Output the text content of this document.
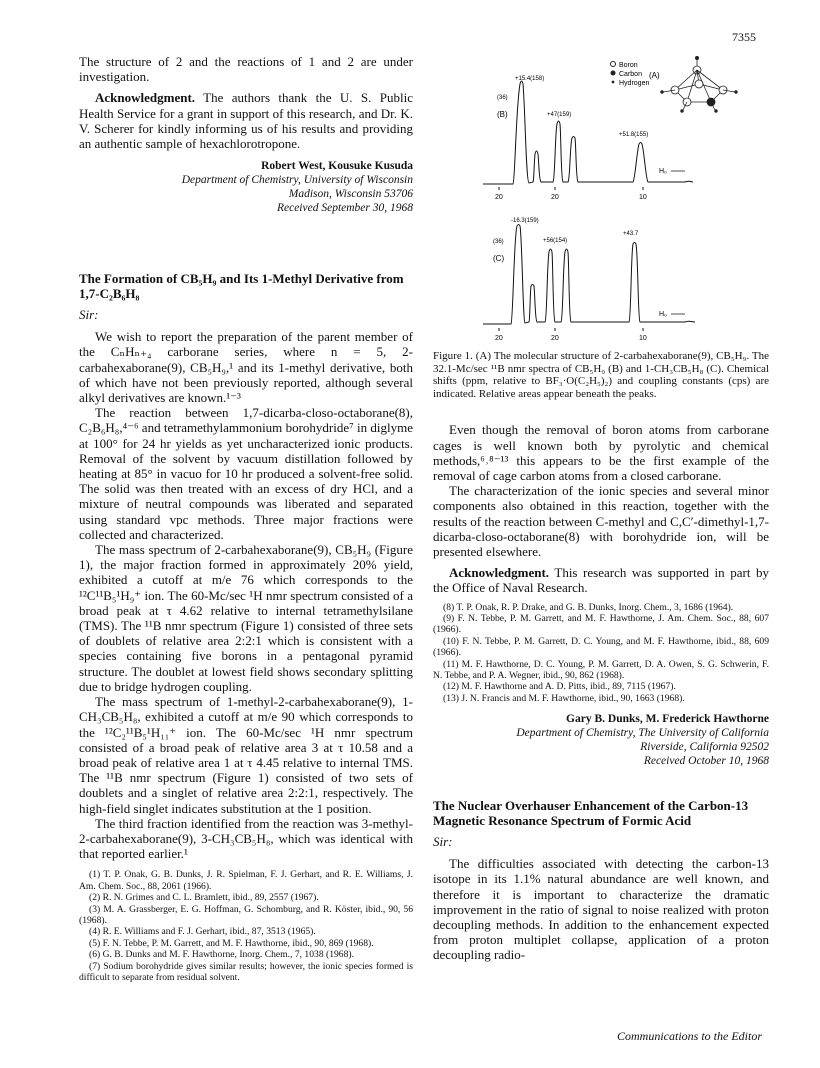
7355

The structure of 2 and the reactions of 1 and 2 are under investigation.

Acknowledgment. The authors thank the U. S. Public Health Service for a grant in support of this research, and Dr. K. V. Scherer for kindly informing us of his results and providing an authentic sample of hexachlorotropone.

Robert West, Kousuke Kusuda
Department of Chemistry, University of Wisconsin
Madison, Wisconsin 53706
Received September 30, 1968
The Formation of CB₅H₉ and Its 1-Methyl Derivative from 1,7-C₂B₆H₈
Sir:

We wish to report the preparation of the parent member of the CₙHₙ₊₄ carborane series, where n = 5, 2-carbahexaborane(9), CB₅H₉,¹ and its 1-methyl derivative, both of which have not been previously reported, although several alkyl derivatives are known.¹⁻³

The reaction between 1,7-dicarba-closo-octaborane(8), C₂B₆H₈,⁴⁻⁶ and tetramethylammonium borohydride⁷ in diglyme at 100° for 24 hr yields as yet uncharacterized ionic products. Removal of the solvent by vacuum distillation followed by heating at 85° in vacuo for 10 hr produced a solvent-free solid. The solid was then treated with an excess of dry HCl, and a mixture of neutral compounds was liberated and separated using standard vpc methods. Three major fractions were collected and characterized.

The mass spectrum of 2-carbahexaborane(9), CB₅H₉ (Figure 1), the major fraction formed in approximately 20% yield, exhibited a cutoff at m/e 76 which corresponds to the ¹²C¹¹B₅¹H₉⁺ ion. The 60-Mc/sec ¹H nmr spectrum consisted of a broad peak at τ 4.62 relative to internal tetramethylsilane (TMS). The ¹¹B nmr spectrum (Figure 1) consisted of three sets of doublets of relative area 2:2:1 which is consistent with a species containing five borons in a pentagonal pyramid structure. The doublet at lowest field shows secondary splitting due to bridge hydrogen coupling.

The mass spectrum of 1-methyl-2-carbahexaborane(9), 1-CH₃CB₅H₈, exhibited a cutoff at m/e 90 which corresponds to the ¹²C₂¹¹B₅¹H₁₁⁺ ion. The 60-Mc/sec ¹H nmr spectrum consisted of a broad peak of relative area 3 at τ 10.58 and a broad peak of relative area 1 at τ 4.45 relative to internal TMS. The ¹¹B nmr spectrum (Figure 1) consisted of two sets of doublets and a singlet of relative area 2:2:1, respectively. The high-field singlet indicates substitution at the 1 position.

The third fraction identified from the reaction was 3-methyl-2-carbahexaborane(9), 3-CH₃CB₅H₈, which was identical with that reported earlier.¹

(1) T. P. Onak, G. B. Dunks, J. R. Spielman, F. J. Gerhart, and R. E. Williams, J. Am. Chem. Soc., 88, 2061 (1966).
(2) R. N. Grimes and C. L. Bramlett, ibid., 89, 2557 (1967).
(3) M. A. Grassberger, E. G. Hoffman, G. Schomburg, and R. Köster, ibid., 90, 56 (1968).
(4) R. E. Williams and F. J. Gerhart, ibid., 87, 3513 (1965).
(5) F. N. Tebbe, P. M. Garrett, and M. F. Hawthorne, ibid., 90, 869 (1968).
(6) G. B. Dunks and M. F. Hawthorne, Inorg. Chem., 7, 1038 (1968).
(7) Sodium borohydride gives similar results; however, the ionic species formed is difficult to separate from residual solvent.
Boron
Carbon
Hydrogen
(A)
+15.4(158)
(36)
(B)	+47(159)
+51.8(155)
H₀
20	20	10
-16.3(159)
(36)
(C)
+56(154)
+43.7
H₀
20	20	10

Figure 1. (A) The molecular structure of 2-carbahexaborane(9), CB₅H₉. The 32.1-Mc/sec ¹¹B nmr spectra of CB₅H₉ (B) and 1-CH₃CB₅H₈ (C). Chemical shifts (ppm, relative to BF₃·O(C₂H₅)₂) and coupling constants (cps) are indicated. Relative areas appear beneath the peaks.

Even though the removal of boron atoms from carborane cages is well known both by pyrolytic and chemical methods,⁶˒⁸⁻¹³ this appears to be the first example of the removal of cage carbon atoms from a closed carborane.

The characterization of the ionic species and several minor components also obtained in this reaction, together with the results of the reaction between C-methyl and C,C′-dimethyl-1,7-dicarba-closo-octaborane(8) with borohydride ion, will be presented elsewhere.

Acknowledgment. This research was supported in part by the Office of Naval Research.

(8) T. P. Onak, R. P. Drake, and G. B. Dunks, Inorg. Chem., 3, 1686 (1964).
(9) F. N. Tebbe, P. M. Garrett, and M. F. Hawthorne, J. Am. Chem. Soc., 88, 607 (1966).
(10) F. N. Tebbe, P. M. Garrett, D. C. Young, and M. F. Hawthorne, ibid., 88, 609 (1966).
(11) M. F. Hawthorne, D. C. Young, P. M. Garrett, D. A. Owen, S. G. Schwerin, F. N. Tebbe, and P. A. Wegner, ibid., 90, 862 (1968).
(12) M. F. Hawthorne and A. D. Pitts, ibid., 89, 7115 (1967).
(13) J. N. Francis and M. F. Hawthorne, ibid., 90, 1663 (1968).
Gary B. Dunks, M. Frederick Hawthorne
Department of Chemistry, The University of California
Riverside, California 92502
Received October 10, 1968
The Nuclear Overhauser Enhancement of the Carbon-13 Magnetic Resonance Spectrum of Formic Acid
Sir:

The difficulties associated with detecting the carbon-13 isotope in its 1.1% natural abundance are well known, and therefore it is important to characterize the dramatic improvement in the ratio of signal to noise realized with proton decoupling methods. In addition to the enhancement expected from proton multiplet collapse, application of a proton decoupling radio-

Communications to the Editor
